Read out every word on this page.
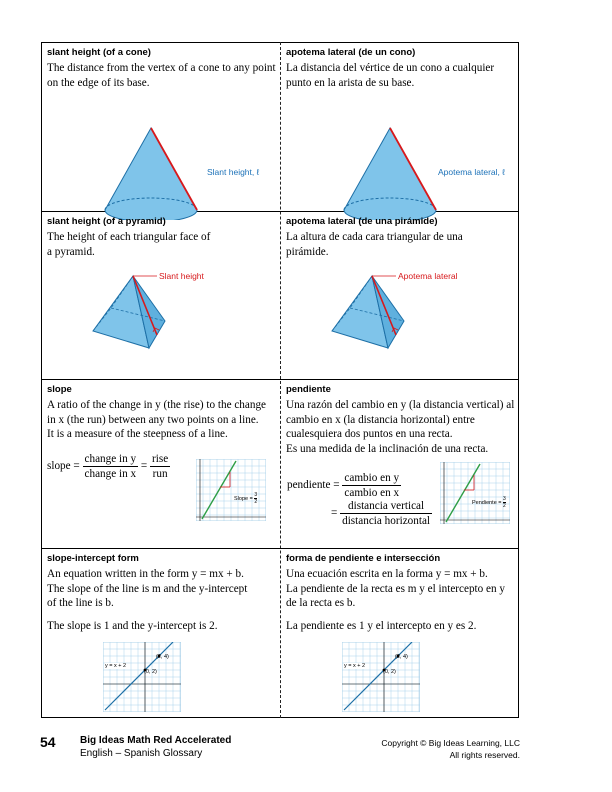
slant height (of a cone)

The distance from the vertex of a cone to any point

on the edge of its base.

Slant height, ℓ
apotema lateral (de un cono)

La distancia del vértice de un cono a cualquier

punto en la arista de su base.

Apotema lateral, ℓ
slant height (of a pyramid)

The height of each triangular face of

a pyramid.

Slant height
apotema lateral (de una pirámide)

La altura de cada cara triangular de una

pirámide.

Apotema lateral
slope

A ratio of the change in y (the rise) to the change

in x (the run) between any two points on a line.

It is a measure of the steepness of a line.

slope = $\frac{\text{change in y}}{\text{change in x}} = \frac{\text{rise}}{\text{run}}$
Slope = $\frac{3}{2}$
pendiente

Una razón del cambio en y (la distancia vertical) al

cambio en x (la distancia horizontal) entre

cualesquiera dos puntos en una recta.

Es una medida de la inclinación de una recta.

pendiente = $\frac{\text{cambio en y}}{\text{cambio en x}}$
= $\frac{\text{distancia vertical}}{\text{distancia horizontal}}$	Pendiente = $\frac{3}{2}$
slope-intercept form

An equation written in the form y = mx + b.

The slope of the line is m and the y-intercept

of the line is b.

The slope is 1 and the y-intercept is 2.

y = x + 2
(2, 4)
(0, 2)
forma de pendiente e intersección

Una ecuación escrita en la forma y = mx + b.

La pendiente de la recta es m y el intercepto en y

de la recta es b.

La pendiente es 1 y el intercepto en y es 2.

y = x + 2
(2, 4)
(0, 2)
54 Big Ideas Math Red Accelerated
English – Spanish Glossary
Copyright © Big Ideas Learning, LLC
All rights reserved.
